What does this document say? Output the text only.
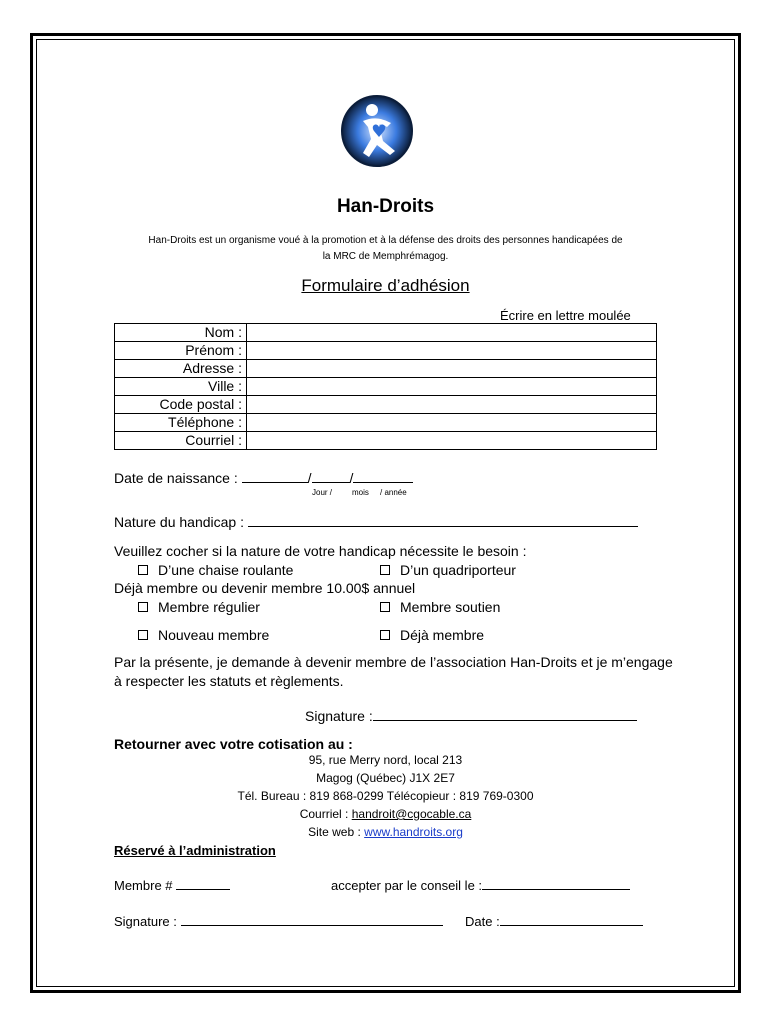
Han-Droits
Han-Droits est un organisme voué à la promotion et à la défense des droits des personnes handicapées de
la MRC de Memphrémagog.
Formulaire d’adhésion
Écrire en lettre moulée
Nom :	
Prénom :	
Adresse :	
Ville :	
Code postal :	
Téléphone :	
Courriel :	
Date de naissance :	/	/
Jour / mois / année
Nature du handicap :
Veuillez cocher si la nature de votre handicap nécessite le besoin :
D’une chaise roulante	D’un quadriporteur
Déjà membre ou devenir membre 10.00$ annuel
Membre régulier	Membre soutien
Nouveau membre	Déjà membre
Par la présente, je demande à devenir membre de l’association Han-Droits et je m’engage à respecter les statuts et règlements.
Signature :
Retourner avec votre cotisation au :
95, rue Merry nord, local 213
Magog (Québec) J1X 2E7
Tél. Bureau : 819 868-0299 Télécopieur : 819 769-0300
Courriel : handroit@cgocable.ca
Site web : www.handroits.org
Réservé à l’administration
Membre #	accepter par le conseil le :
Signature :	Date :
